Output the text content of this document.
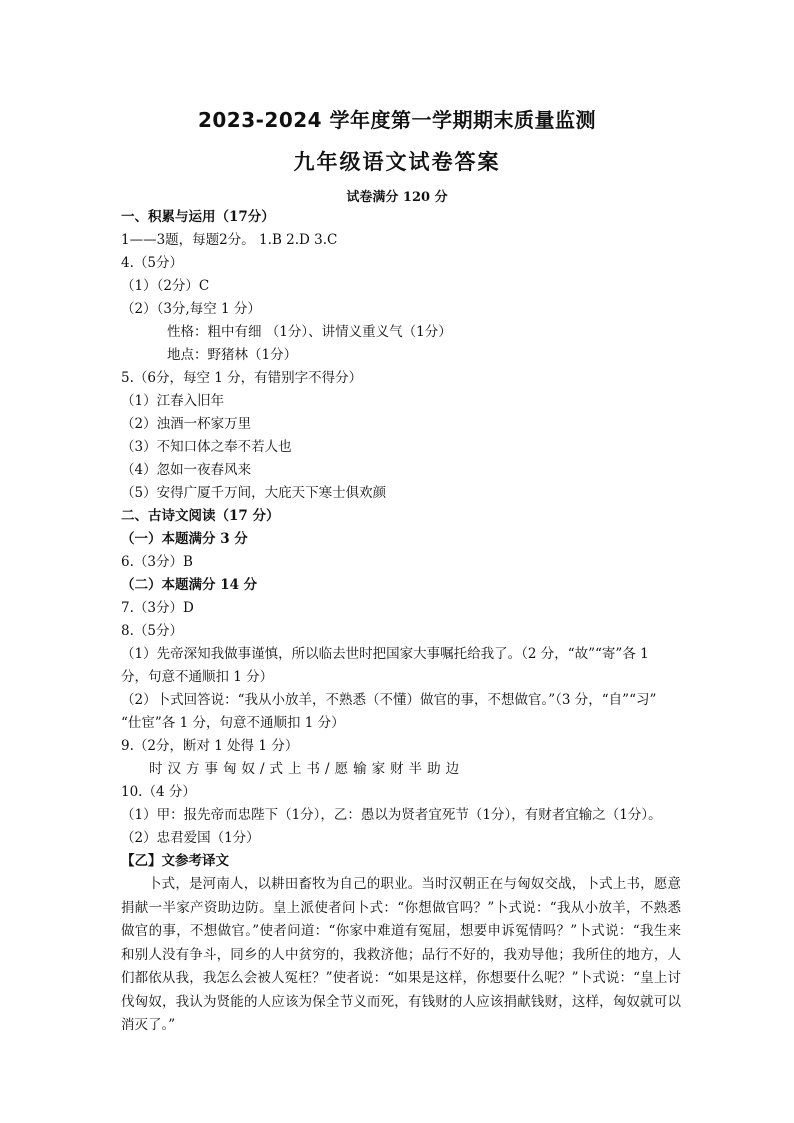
2023-2024 学年度第一学期期末质量监测
九年级语文试卷答案
试卷满分 120 分
一、积累与运用（17分）
1——3题，每题2分。 1.B 2.D 3.C
4.（5分）
（1）（2分）C
（2）（3分,每空 1 分）
性格：粗中有细 （1分）、讲情义重义气（1分）
地点：野猪林（1分）
5.（6分，每空 1 分，有错别字不得分）
（1）江春入旧年
（2）浊酒一杯家万里
（3）不知口体之奉不若人也
（4）忽如一夜春风来
（5）安得广厦千万间，大庇天下寒士俱欢颜
二、古诗文阅读（17 分）
（一）本题满分 3 分
6.（3分）B
（二）本题满分 14 分
7.（3分）D
8.（5分）
（1）先帝深知我做事谨慎，所以临去世时把国家大事嘱托给我了。（2 分，“故”“寄”各 1
分，句意不通顺扣 1 分）
（2）卜式回答说：“我从小放羊，不熟悉（不懂）做官的事，不想做官。”（3 分，“自”“习”
“仕宦”各 1 分，句意不通顺扣 1 分）
9.（2分，断对 1 处得 1 分）
时汉方事匈奴/式上书/愿输家财半助边
10.（4 分）
（1）甲：报先帝而忠陛下（1分），乙：愚以为贤者宜死节（1分），有财者宜输之（1分）。
（2）忠君爱国（1分）
【乙】文参考译文

卜式，是河南人，以耕田畜牧为自己的职业。当时汉朝正在与匈奴交战，卜式上书，愿意捐献一半家产资助边防。皇上派使者问卜式：“你想做官吗？”卜式说：“我从小放羊，不熟悉做官的事，不想做官。”使者问道：“你家中难道有冤屈，想要申诉冤情吗？”卜式说：“我生来和别人没有争斗，同乡的人中贫穷的，我救济他；品行不好的，我劝导他；我所住的地方，人们都依从我，我怎么会被人冤枉？”使者说：“如果是这样，你想要什么呢？”卜式说：“皇上讨伐匈奴，我认为贤能的人应该为保全节义而死，有钱财的人应该捐献钱财，这样，匈奴就可以消灭了。”
